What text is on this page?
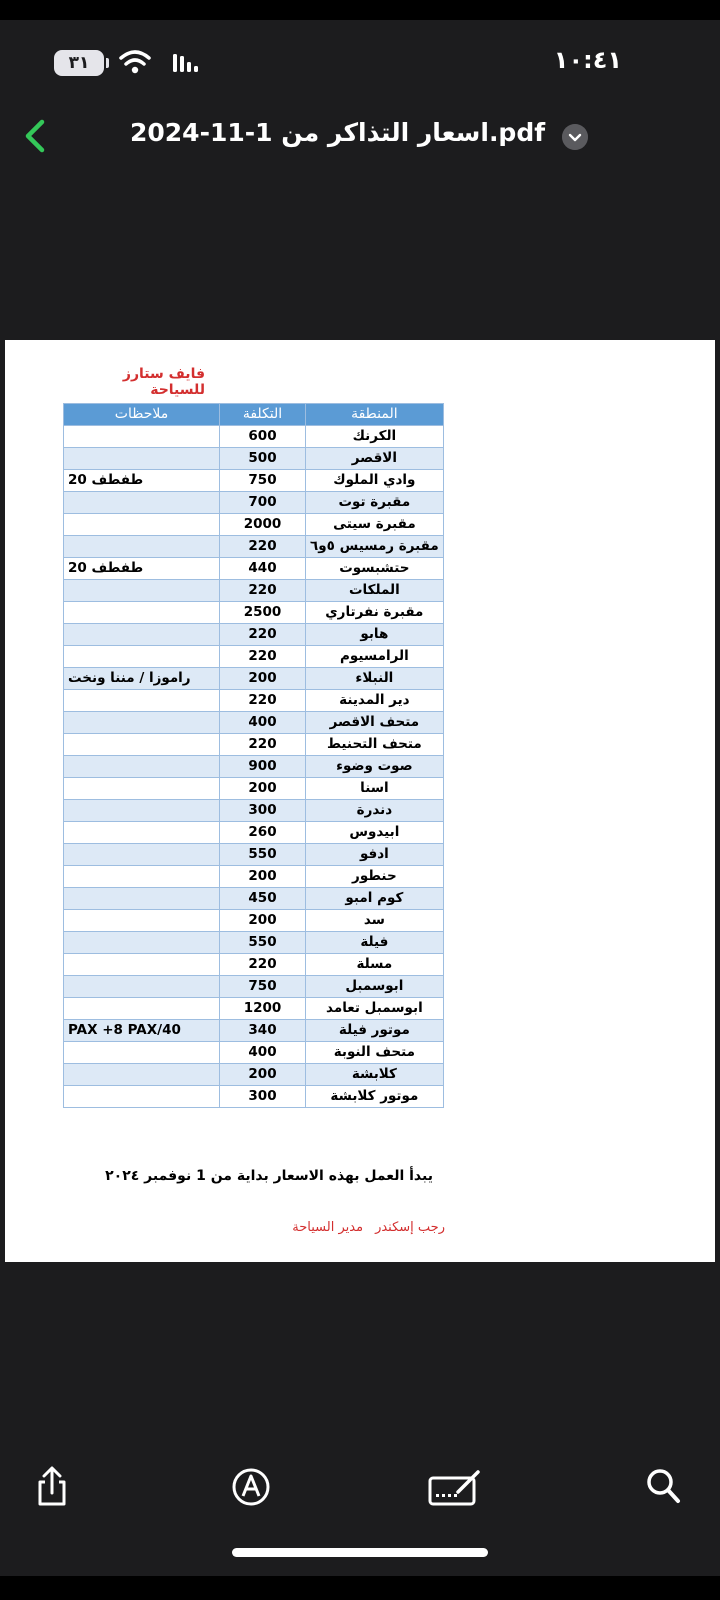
٣١	١٠:٤١
2024-11-1 اسعار التذاكر من.pdf
فايف ستارز للسياحة
المنطقة	التكلفة	ملاحظات
الكرنك	600	
الاقصر	500	
وادي الملوك	750	طفطف 20
مقبرة توت	700	
مقبرة سيتى	2000	
مقبرة رمسيس ٥و٦	220	
حتشبسوت	440	طفطف 20
الملكات	220	
مقبرة نفرتاري	2500	
هابو	220	
الرامسيوم	220	
النبلاء	200	راموزا / مننا ونخت
دير المدينة	220	
متحف الاقصر	400	
متحف التحنيط	220	
صوت وضوء	900	
اسنا	200	
دندرة	300	
ابيدوس	260	
ادفو	550	
حنطور	200	
كوم امبو	450	
سد	200	
فيلة	550	
مسلة	220	
ابوسمبل	750	
ابوسمبل تعامد	1200	
موتور فيلة	340	40/PAX +8 PAX
متحف النوبة	400	
كلابشة	200	
موتور كلابشة	300	
يبدأ العمل بهذه الاسعار بداية من 1 نوفمبر ٢٠٢٤
رجب إسكندرمدير السياحة
